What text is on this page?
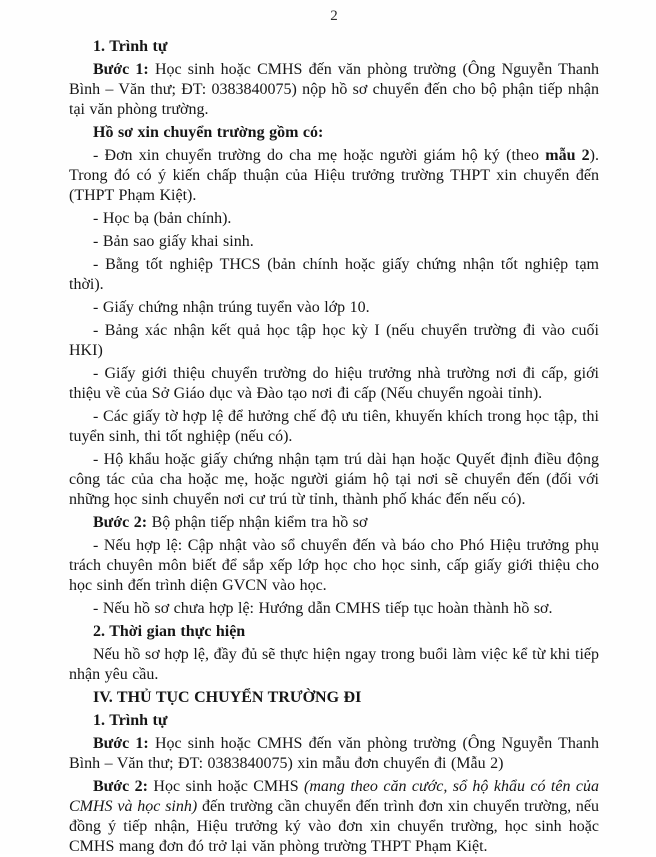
2

1. Trình tự

Bước 1: Học sinh hoặc CMHS đến văn phòng trường (Ông Nguyễn Thanh Bình – Văn thư; ĐT: 0383840075) nộp hồ sơ chuyển đến cho bộ phận tiếp nhận tại văn phòng trường.

Hồ sơ xin chuyển trường gồm có:

- Đơn xin chuyển trường do cha mẹ hoặc người giám hộ ký (theo mẫu 2). Trong đó có ý kiến chấp thuận của Hiệu trưởng trường THPT xin chuyển đến (THPT Phạm Kiệt).

- Học bạ (bản chính).

- Bản sao giấy khai sinh.

- Bằng tốt nghiệp THCS (bản chính hoặc giấy chứng nhận tốt nghiệp tạm thời).

- Giấy chứng nhận trúng tuyển vào lớp 10.

- Bảng xác nhận kết quả học tập học kỳ I (nếu chuyển trường đi vào cuối HKI)

- Giấy giới thiệu chuyển trường do hiệu trưởng nhà trường nơi đi cấp, giới thiệu về của Sở Giáo dục và Đào tạo nơi đi cấp (Nếu chuyển ngoài tỉnh).

- Các giấy tờ hợp lệ để hưởng chế độ ưu tiên, khuyến khích trong học tập, thi tuyển sinh, thi tốt nghiệp (nếu có).

- Hộ khẩu hoặc giấy chứng nhận tạm trú dài hạn hoặc Quyết định điều động công tác của cha hoặc mẹ, hoặc người giám hộ tại nơi sẽ chuyển đến (đối với những học sinh chuyển nơi cư trú từ tỉnh, thành phố khác đến nếu có).

Bước 2: Bộ phận tiếp nhận kiểm tra hồ sơ

- Nếu hợp lệ: Cập nhật vào sổ chuyển đến và báo cho Phó Hiệu trưởng phụ trách chuyên môn biết để sắp xếp lớp học cho học sinh, cấp giấy giới thiệu cho học sinh đến trình diện GVCN vào học.

- Nếu hồ sơ chưa hợp lệ: Hướng dẫn CMHS tiếp tục hoàn thành hồ sơ.

2. Thời gian thực hiện

Nếu hồ sơ hợp lệ, đầy đủ sẽ thực hiện ngay trong buổi làm việc kể từ khi tiếp nhận yêu cầu.

IV. THỦ TỤC CHUYỂN TRƯỜNG ĐI

1. Trình tự

Bước 1: Học sinh hoặc CMHS đến văn phòng trường (Ông Nguyễn Thanh Bình – Văn thư; ĐT: 0383840075) xin mẫu đơn chuyển đi (Mẫu 2)

Bước 2: Học sinh hoặc CMHS (mang theo căn cước, sổ hộ khẩu có tên của CMHS và học sinh) đến trường cần chuyển đến trình đơn xin chuyển trường, nếu đồng ý tiếp nhận, Hiệu trưởng ký vào đơn xin chuyển trường, học sinh hoặc CMHS mang đơn đó trở lại văn phòng trường THPT Phạm Kiệt.
